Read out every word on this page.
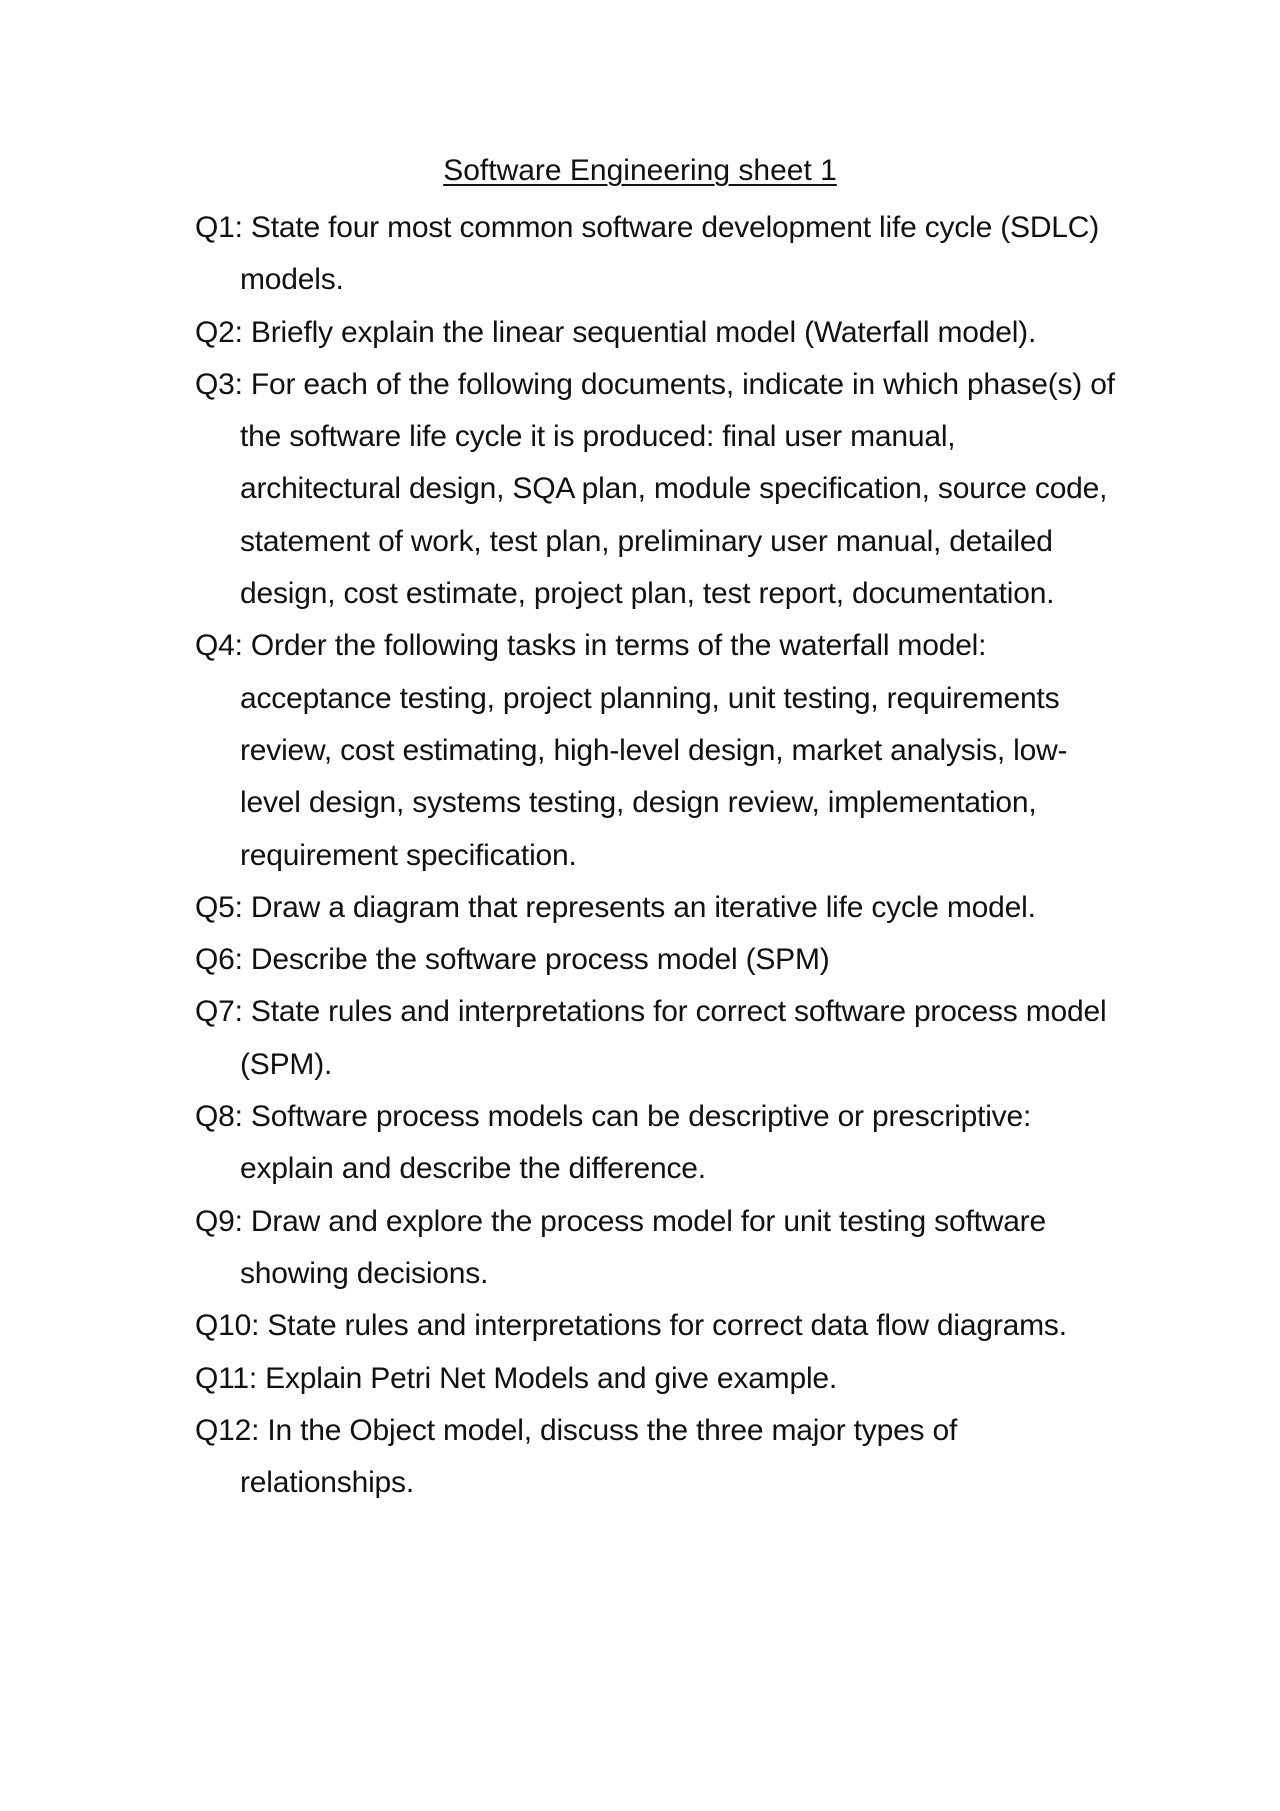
Software Engineering sheet 1
Q1: State four most common software development life cycle (SDLC) models.
Q2: Briefly explain the linear sequential model (Waterfall model).
Q3: For each of the following documents, indicate in which phase(s) of the software life cycle it is produced: final user manual, architectural design, SQA plan, module specification, source code, statement of work, test plan, preliminary user manual, detailed design, cost estimate, project plan, test report, documentation.
Q4: Order the following tasks in terms of the waterfall model: acceptance testing, project planning, unit testing, requirements review, cost estimating, high-level design, market analysis, low-level design, systems testing, design review, implementation, requirement specification.
Q5: Draw a diagram that represents an iterative life cycle model.
Q6: Describe the software process model (SPM)
Q7: State rules and interpretations for correct software process model (SPM).
Q8: Software process models can be descriptive or prescriptive: explain and describe the difference.
Q9: Draw and explore the process model for unit testing software showing decisions.
Q10: State rules and interpretations for correct data flow diagrams.
Q11: Explain Petri Net Models and give example.
Q12: In the Object model, discuss the three major types of relationships.
